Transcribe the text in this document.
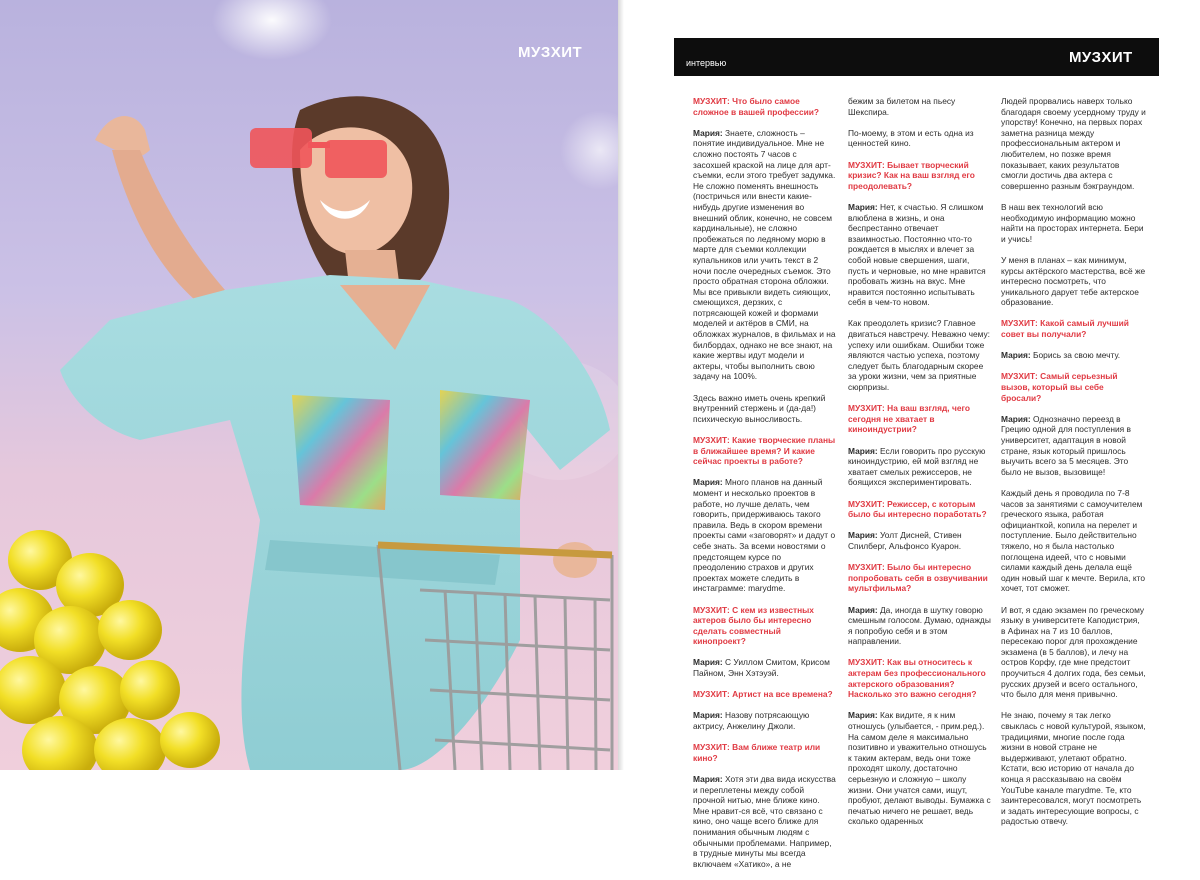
МУЗХИТ
интервью	МУЗХИТ

МУЗХИТ: Что было самое сложное в вашей профессии?

Мария: Знаете, сложность – понятие индивидуальное. Мне не сложно постоять 7 часов с засохшей краской на лице для арт-съемки, если этого требует задумка. Не сложно поменять внешность (постричься или внести какие-нибудь другие изменения во внешний облик, конечно, не совсем кардинальные), не сложно пробежаться по ледяному морю в марте для съемки коллекции купальников или учить текст в 2 ночи после очередных съемок. Это просто обратная сторона обложки. Мы все привыкли видеть сияющих, смеющихся, дерзких, с потрясающей кожей и формами моделей и актёров в СМИ, на обложках журналов, в фильмах и на билбордах, однако не все знают, на какие жертвы идут модели и актеры, чтобы выполнить свою задачу на 100%.

Здесь важно иметь очень крепкий внутренний стержень и (да-да!) психическую выносливость.

МУЗХИТ: Какие творческие планы в ближайшее время? И какие сейчас проекты в работе?

Мария: Много планов на данный момент и несколько проектов в работе, но лучше делать, чем говорить, придерживаюсь такого правила. Ведь в скором времени проекты сами «заговорят» и дадут о себе знать. За всеми новостями о предстоящем курсе по преодолению страхов и других проектах можете следить в инстаграмме: marydme.

МУЗХИТ: С кем из известных актеров было бы интересно сделать совместный кинопроект?

Мария: С Уиллом Смитом, Крисом Пайном, Энн Хэтэуэй.

МУЗХИТ: Артист на все времена?

Мария: Назову потрясающую актрису, Анжелину Джоли.

МУЗХИТ: Вам ближе театр или кино?

Мария: Хотя эти два вида искусства и переплетены между собой прочной нитью, мне ближе кино. Мне нравит-ся всё, что связано с кино, оно чаще всего ближе для понимания обычным людям с обычными проблемами. Например, в трудные минуты мы всегда включаем «Хатико», а не

бежим за билетом на пьесу Шекспира.

По-моему, в этом и есть одна из ценностей кино.

МУЗХИТ: Бывает творческий кризис? Как на ваш взгляд его преодолевать?

Мария: Нет, к счастью. Я слишком влюблена в жизнь, и она беспрестанно отвечает взаимностью. Постоянно что-то рождается в мыслях и влечет за собой новые свершения, шаги, пусть и черновые, но мне нравится пробовать жизнь на вкус. Мне нравится постоянно испытывать себя в чем-то новом.

Как преодолеть кризис? Главное двигаться навстречу. Неважно чему: успеху или ошибкам. Ошибки тоже являются частью успеха, поэтому следует быть благодарным скорее за уроки жизни, чем за приятные сюрпризы.

МУЗХИТ: На ваш взгляд, чего сегодня не хватает в киноиндустрии?

Мария: Если говорить про русскую киноиндустрию, ей мой взгляд не хватает смелых режиссеров, не боящихся экспериментировать.

МУЗХИТ: Режиссер, с которым было бы интересно поработать?

Мария: Уолт Дисней, Стивен Спилберг, Альфонсо Куарон.

МУЗХИТ: Было бы интересно попробовать себя в озвучивании мультфильма?

Мария: Да, иногда в шутку говорю смешным голосом. Думаю, однажды я попробую себя и в этом направлении.

МУЗХИТ: Как вы относитесь к актерам без профессионального актерского образования? Насколько это важно сегодня?

Мария: Как видите, я к ним отношусь (улыбается, - прим.ред.). На самом деле я максимально позитивно и уважительно отношусь к таким актерам, ведь они тоже проходят школу, достаточно серьезную и сложную – школу жизни. Они учатся сами, ищут, пробуют, делают выводы. Бумажка с печатью ничего не решает, ведь сколько одаренных

Людей прорвались наверх только благодаря своему усердному труду и упорству! Конечно, на первых порах заметна разница между профессиональным актером и любителем, но позже время показывает, каких результатов смогли достичь два актера с совершенно разным бэкграундом.

В наш век технологий всю необходимую информацию можно найти на просторах интернета. Бери и учись!

У меня в планах – как минимум, курсы актёрского мастерства, всё же интересно посмотреть, что уникального дарует тебе актерское образование.

МУЗХИТ: Какой самый лучший совет вы получали?

Мария: Борись за свою мечту.

МУЗХИТ: Самый серьезный вызов, который вы себе бросали?

Мария: Однозначно переезд в Грецию одной для поступления в университет, адаптация в новой стране, язык который пришлось выучить всего за 5 месяцев. Это было не вызов, вызовище!

Каждый день я проводила по 7-8 часов за занятиями с самоучителем греческого языка, работая официанткой, копила на перелет и поступление. Было действительно тяжело, но я была настолько поглощена идеей, что с новыми силами каждый день делала ещё один новый шаг к мечте. Верила, кто хочет, тот сможет.

И вот, я сдаю экзамен по греческому языку в университете Каподистрия, в Афинах на 7 из 10 баллов, пересекаю порог для прохождение экзамена (в 5 баллов), и лечу на остров Корфу, где мне предстоит проучиться 4 долгих года, без семьи, русских друзей и всего остального, что было для меня привычно.

Не знаю, почему я так легко свыклась с новой культурой, языком, традициями, многие после года жизни в новой стране не выдерживают, улетают обратно. Кстати, всю историю от начала до конца я рассказываю на своём YouTube канале marydme. Те, кто заинтересовался, могут посмотреть и задать интересующие вопросы, с радостью отвечу.
